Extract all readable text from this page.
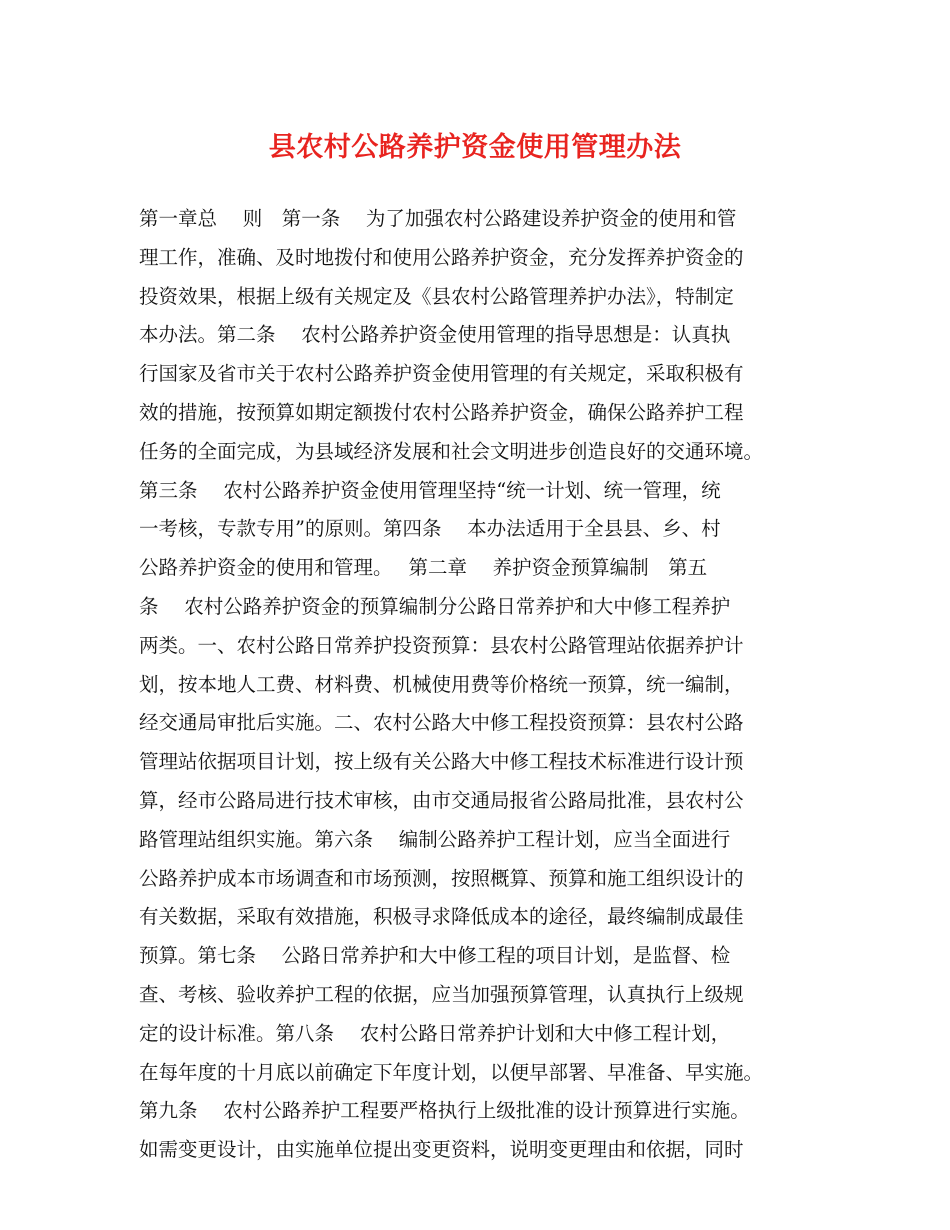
县农村公路养护资金使用管理办法
第一章总　 则　第一条　 为了加强农村公路建设养护资金的使用和管
理工作，准确、及时地拨付和使用公路养护资金，充分发挥养护资金的
投资效果，根据上级有关规定及《县农村公路管理养护办法》，特制定
本办法。第二条　 农村公路养护资金使用管理的指导思想是：认真执
行国家及省市关于农村公路养护资金使用管理的有关规定，采取积极有
效的措施，按预算如期定额拨付农村公路养护资金，确保公路养护工程
任务的全面完成，为县域经济发展和社会文明进步创造良好的交通环境。
第三条　 农村公路养护资金使用管理坚持“统一计划、统一管理，统
一考核，专款专用”的原则。第四条　 本办法适用于全县县、乡、村
公路养护资金的使用和管理。　 第二章　 养护资金预算编制　第五
条　 农村公路养护资金的预算编制分公路日常养护和大中修工程养护
两类。一、农村公路日常养护投资预算：县农村公路管理站依据养护计
划，按本地人工费、材料费、机械使用费等价格统一预算，统一编制，
经交通局审批后实施。二、农村公路大中修工程投资预算：县农村公路
管理站依据项目计划，按上级有关公路大中修工程技术标准进行设计预
算，经市公路局进行技术审核，由市交通局报省公路局批准，县农村公
路管理站组织实施。第六条　 编制公路养护工程计划，应当全面进行
公路养护成本市场调查和市场预测，按照概算、预算和施工组织设计的
有关数据，采取有效措施，积极寻求降低成本的途径，最终编制成最佳
预算。第七条　 公路日常养护和大中修工程的项目计划，是监督、检
查、考核、验收养护工程的依据，应当加强预算管理，认真执行上级规
定的设计标准。第八条　 农村公路日常养护计划和大中修工程计划，
在每年度的十月底以前确定下年度计划，以便早部署、早准备、早实施。
第九条　 农村公路养护工程要严格执行上级批准的设计预算进行实施。
如需变更设计，由实施单位提出变更资料，说明变更理由和依据，同时
